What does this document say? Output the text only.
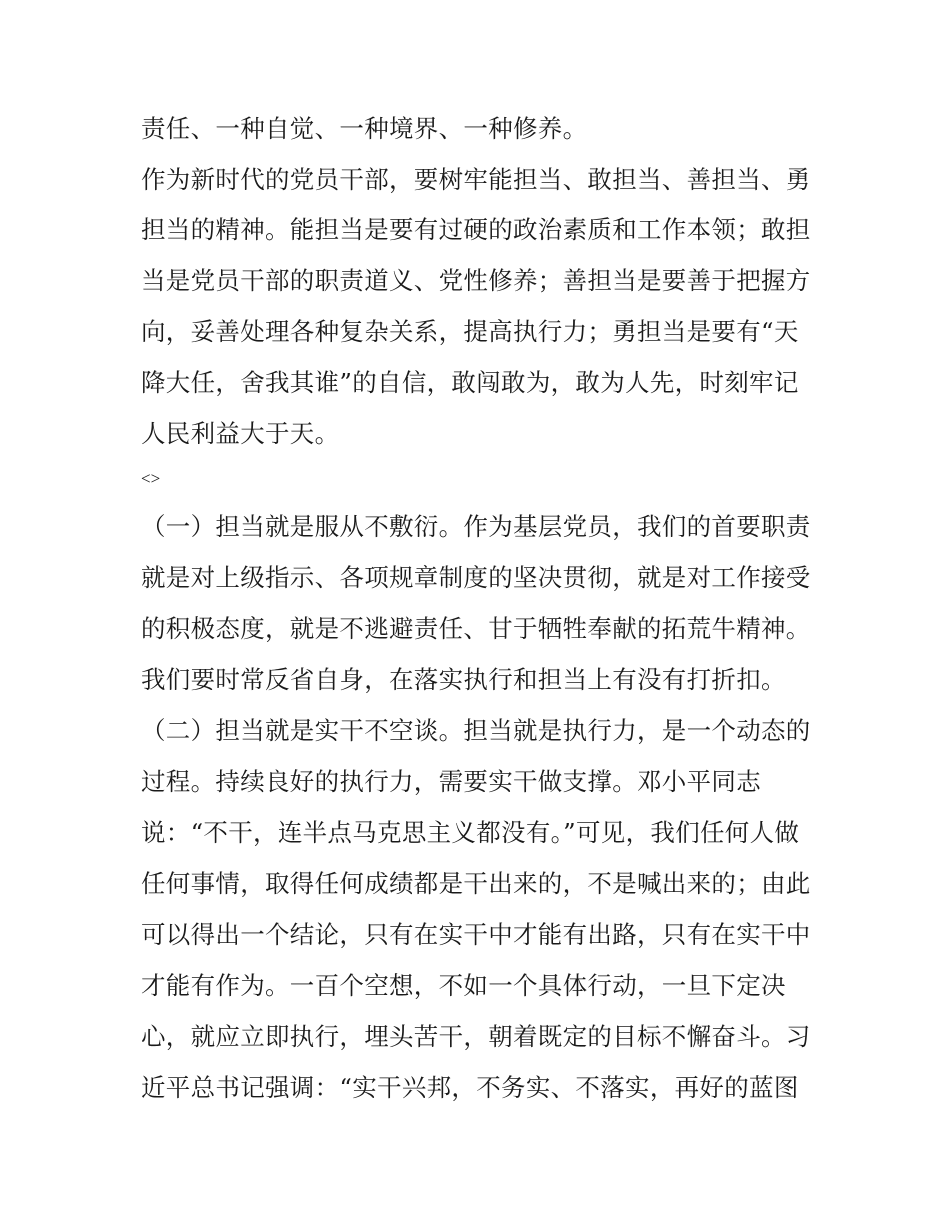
责任、一种自觉、一种境界、一种修养。
作为新时代的党员干部，要树牢能担当、敢担当、善担当、勇
担当的精神。能担当是要有过硬的政治素质和工作本领；敢担
当是党员干部的职责道义、党性修养；善担当是要善于把握方
向，妥善处理各种复杂关系，提高执行力；勇担当是要有“天
降大任，舍我其谁”的自信，敢闯敢为，敢为人先，时刻牢记
人民利益大于天。
<>
（一）担当就是服从不敷衍。作为基层党员，我们的首要职责
就是对上级指示、各项规章制度的坚决贯彻，就是对工作接受
的积极态度，就是不逃避责任、甘于牺牲奉献的拓荒牛精神。
我们要时常反省自身，在落实执行和担当上有没有打折扣。
（二）担当就是实干不空谈。担当就是执行力，是一个动态的
过程。持续良好的执行力，需要实干做支撑。邓小平同志
说：“不干，连半点马克思主义都没有。”可见，我们任何人做
任何事情，取得任何成绩都是干出来的，不是喊出来的；由此
可以得出一个结论，只有在实干中才能有出路，只有在实干中
才能有作为。一百个空想，不如一个具体行动，一旦下定决
心，就应立即执行，埋头苦干，朝着既定的目标不懈奋斗。习
近平总书记强调：“实干兴邦，不务实、不落实，再好的蓝图
